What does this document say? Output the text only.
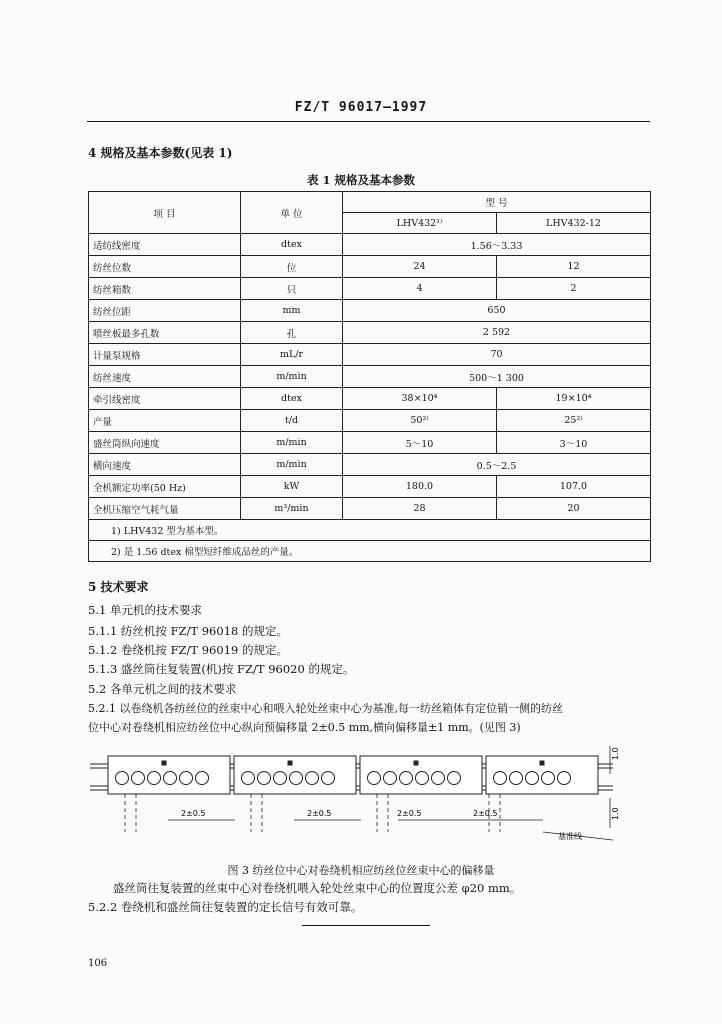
FZ/T 96017—1997
4 规格及基本参数(见表 1)
表 1 规格及基本参数
项 目	单 位	型 号	
		LHV432¹⁾	LHV432-12
适纺线密度	dtex	1.56～3.33	
纺丝位数	位	24	12
纺丝箱数	只	4	2
纺丝位距	mm	650	
喷丝板最多孔数	孔	2 592	
计量泵规格	mL/r	70	
纺丝速度	m/min	500～1 300	
牵引线密度	dtex	38×10⁴	19×10⁴
产量	t/d	50²⁾	25²⁾
盛丝筒纵向速度	m/min	5～10	3～10
横向速度	m/min	0.5～2.5	
全机额定功率(50 Hz)	kW	180.0	107.0
全机压缩空气耗气量	m³/min	28	20
1) LHV432 型为基本型。			
2) 是 1.56 dtex 棉型短纤维成品丝的产量。			
5 技术要求
5.1 单元机的技术要求
5.1.1 纺丝机按 FZ/T 96018 的规定。
5.1.2 卷绕机按 FZ/T 96019 的规定。
5.1.3 盛丝筒往复装置(机)按 FZ/T 96020 的规定。
5.2 各单元机之间的技术要求
5.2.1 以卷绕机各纺丝位的丝束中心和喂入轮处丝束中心为基准,每一纺丝箱体有定位销一侧的纺丝
位中心对卷绕机相应纺丝位中心纵向预偏移量 2±0.5 mm,横向偏移量±1 mm。(见图 3)
2±0.5	2±0.5	2±0.5	2±0.5
基准线
1.0
1.0
图 3 纺丝位中心对卷绕机相应纺丝位丝束中心的偏移量
盛丝筒往复装置的丝束中心对卷绕机喂入轮处丝束中心的位置度公差 φ20 mm。
5.2.2 卷绕机和盛丝筒往复装置的定长信号有效可靠。
106
